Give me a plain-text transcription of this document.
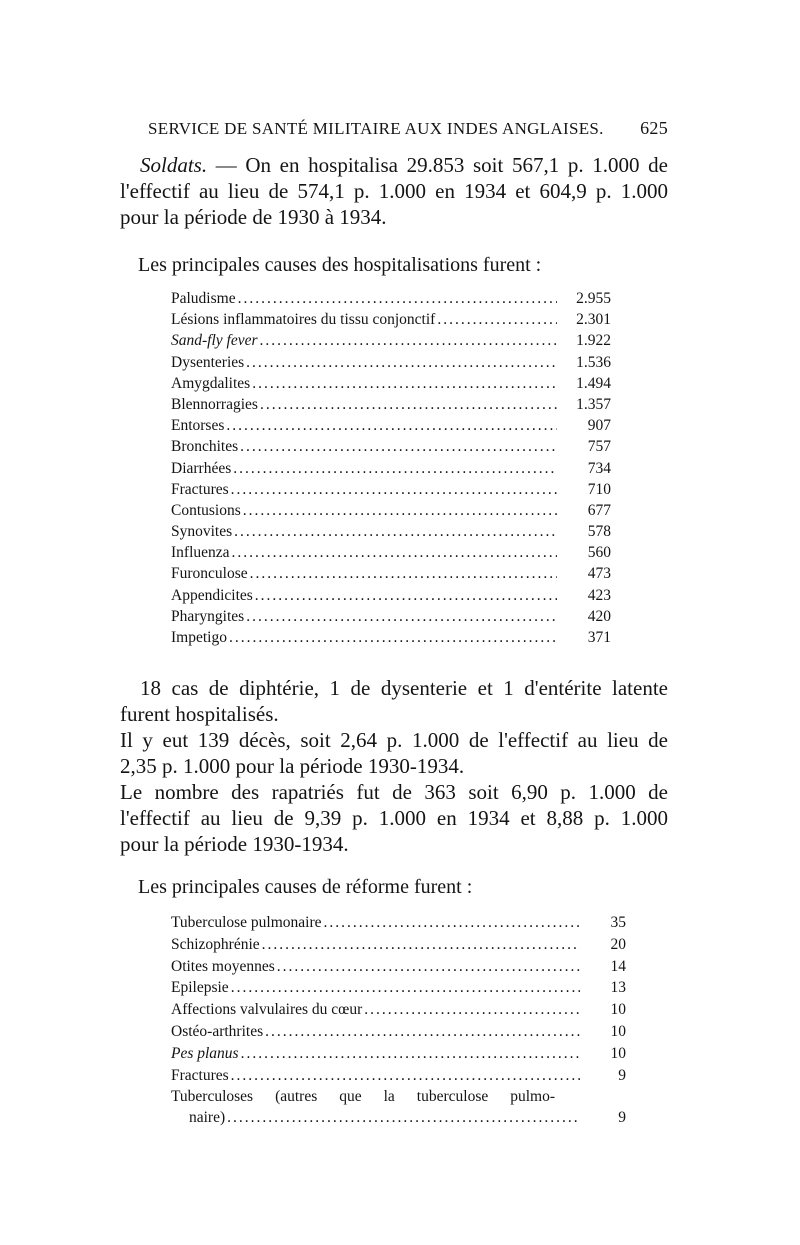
SERVICE DE SANTÉ MILITAIRE AUX INDES ANGLAISES. 625
Soldats. — On en hospitalisa 29.853 soit 567,1 p. 1.000 de
l'effectif au lieu de 574,1 p. 1.000 en 1934 et 604,9 p. 1.000
pour la période de 1930 à 1934.
Les principales causes des hospitalisations furent :
Paludisme .....	2.955
Lésions inflammatoires du tissu conjonctif .....	2.301
Sand-fly fever .....	1.922
Dysenteries .....	1.536
Amygdalites .....	1.494
Blennorragies .....	1.357
Entorses .....	907
Bronchites .....	757
Diarrhées .....	734
Fractures .....	710
Contusions .....	677
Synovites .....	578
Influenza .....	560
Furonculose .....	473
Appendicites .....	423
Pharyngites .....	420
Impetigo .....	371
18 cas de diphtérie, 1 de dysenterie et 1 d'entérite latente
furent hospitalisés.
Il y eut 139 décès, soit 2,64 p. 1.000 de l'effectif au lieu de
2,35 p. 1.000 pour la période 1930-1934.
Le nombre des rapatriés fut de 363 soit 6,90 p. 1.000 de
l'effectif au lieu de 9,39 p. 1.000 en 1934 et 8,88 p. 1.000
pour la période 1930-1934.
Les principales causes de réforme furent :
Tuberculose pulmonaire .....	35
Schizophrénie .....	20
Otites moyennes .....	14
Epilepsie .....	13
Affections valvulaires du cœur .....	10
Ostéo-arthrites .....	10
Pes planus .....	10
Fractures .....	9
Tuberculoses (autres que la tuberculose pulmo-
naire) .....	9
